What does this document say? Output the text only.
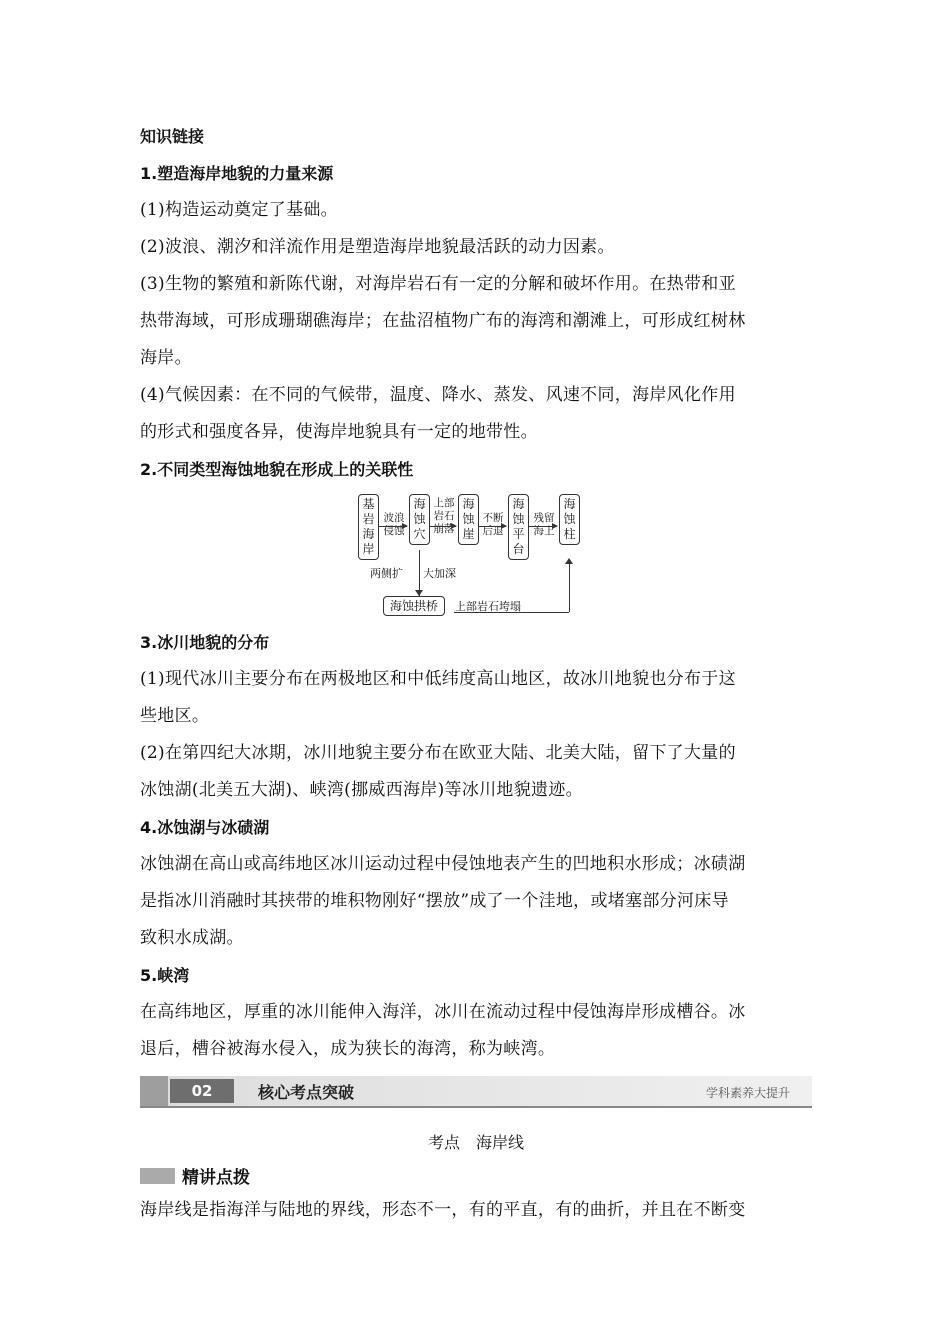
知识链接
1.塑造海岸地貌的力量来源
(1)构造运动奠定了基础。
(2)波浪、潮汐和洋流作用是塑造海岸地貌最活跃的动力因素。
(3)生物的繁殖和新陈代谢，对海岸岩石有一定的分解和破坏作用。在热带和亚
热带海域，可形成珊瑚礁海岸；在盐沼植物广布的海湾和潮滩上，可形成红树林
海岸。
(4)气候因素：在不同的气候带，温度、降水、蒸发、风速不同，海岸风化作用
的形式和强度各异，使海岸地貌具有一定的地带性。
2.不同类型海蚀地貌在形成上的关联性
基
岩
海
岸
波浪
侵蚀
海
蚀
穴
上部
岩石
崩落
海
蚀
崖
不断
后退
海
蚀
平
台
残留
海上
海
蚀
柱
两侧扩 大加深
海蚀拱桥	上部岩石垮塌
3.冰川地貌的分布
(1)现代冰川主要分布在两极地区和中低纬度高山地区，故冰川地貌也分布于这
些地区。
(2)在第四纪大冰期，冰川地貌主要分布在欧亚大陆、北美大陆，留下了大量的
冰蚀湖(北美五大湖)、峡湾(挪威西海岸)等冰川地貌遗迹。
4.冰蚀湖与冰碛湖
冰蚀湖在高山或高纬地区冰川运动过程中侵蚀地表产生的凹地积水形成；冰碛湖
是指冰川消融时其挟带的堆积物刚好“摆放”成了一个洼地，或堵塞部分河床导
致积水成湖。
5.峡湾
在高纬地区，厚重的冰川能伸入海洋，冰川在流动过程中侵蚀海岸形成槽谷。冰
退后，槽谷被海水侵入，成为狭长的海湾，称为峡湾。
02	核心考点突破	学科素养大提升
考点　海岸线
精讲点拨
海岸线是指海洋与陆地的界线，形态不一，有的平直，有的曲折，并且在不断变
